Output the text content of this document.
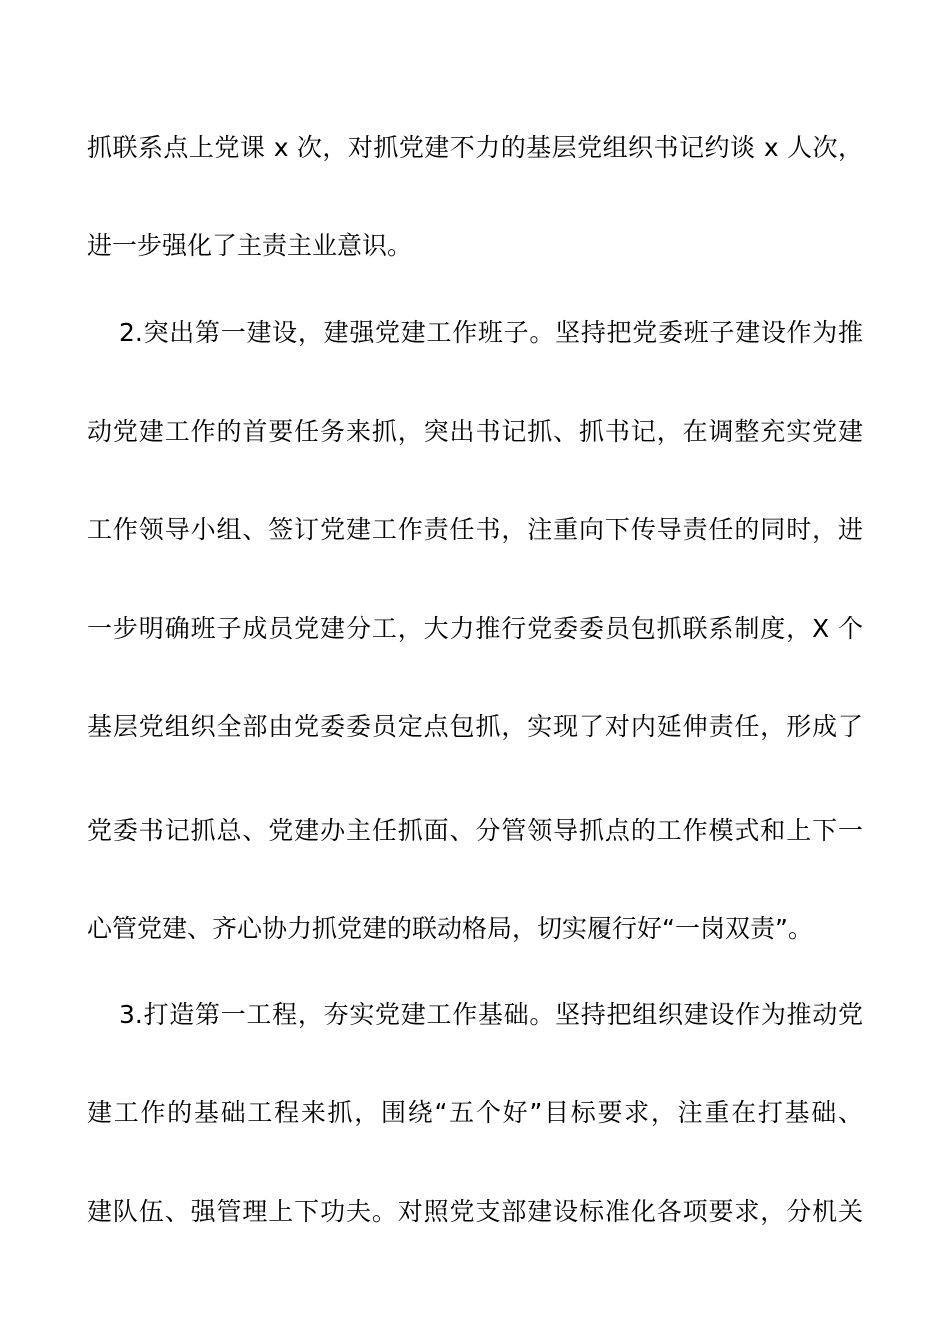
抓联系点上党课 x 次，对抓党建不力的基层党组织书记约谈 x 人次，
进一步强化了主责主业意识。
2.突出第一建设，建强党建工作班子。坚持把党委班子建设作为推
动党建工作的首要任务来抓，突出书记抓、抓书记，在调整充实党建
工作领导小组、签订党建工作责任书，注重向下传导责任的同时，进
一步明确班子成员党建分工，大力推行党委委员包抓联系制度，X 个
基层党组织全部由党委委员定点包抓，实现了对内延伸责任，形成了
党委书记抓总、党建办主任抓面、分管领导抓点的工作模式和上下一
心管党建、齐心协力抓党建的联动格局，切实履行好“一岗双责”。
3.打造第一工程，夯实党建工作基础。坚持把组织建设作为推动党
建工作的基础工程来抓，围绕“五个好”目标要求，注重在打基础、
建队伍、强管理上下功夫。对照党支部建设标准化各项要求，分机关
